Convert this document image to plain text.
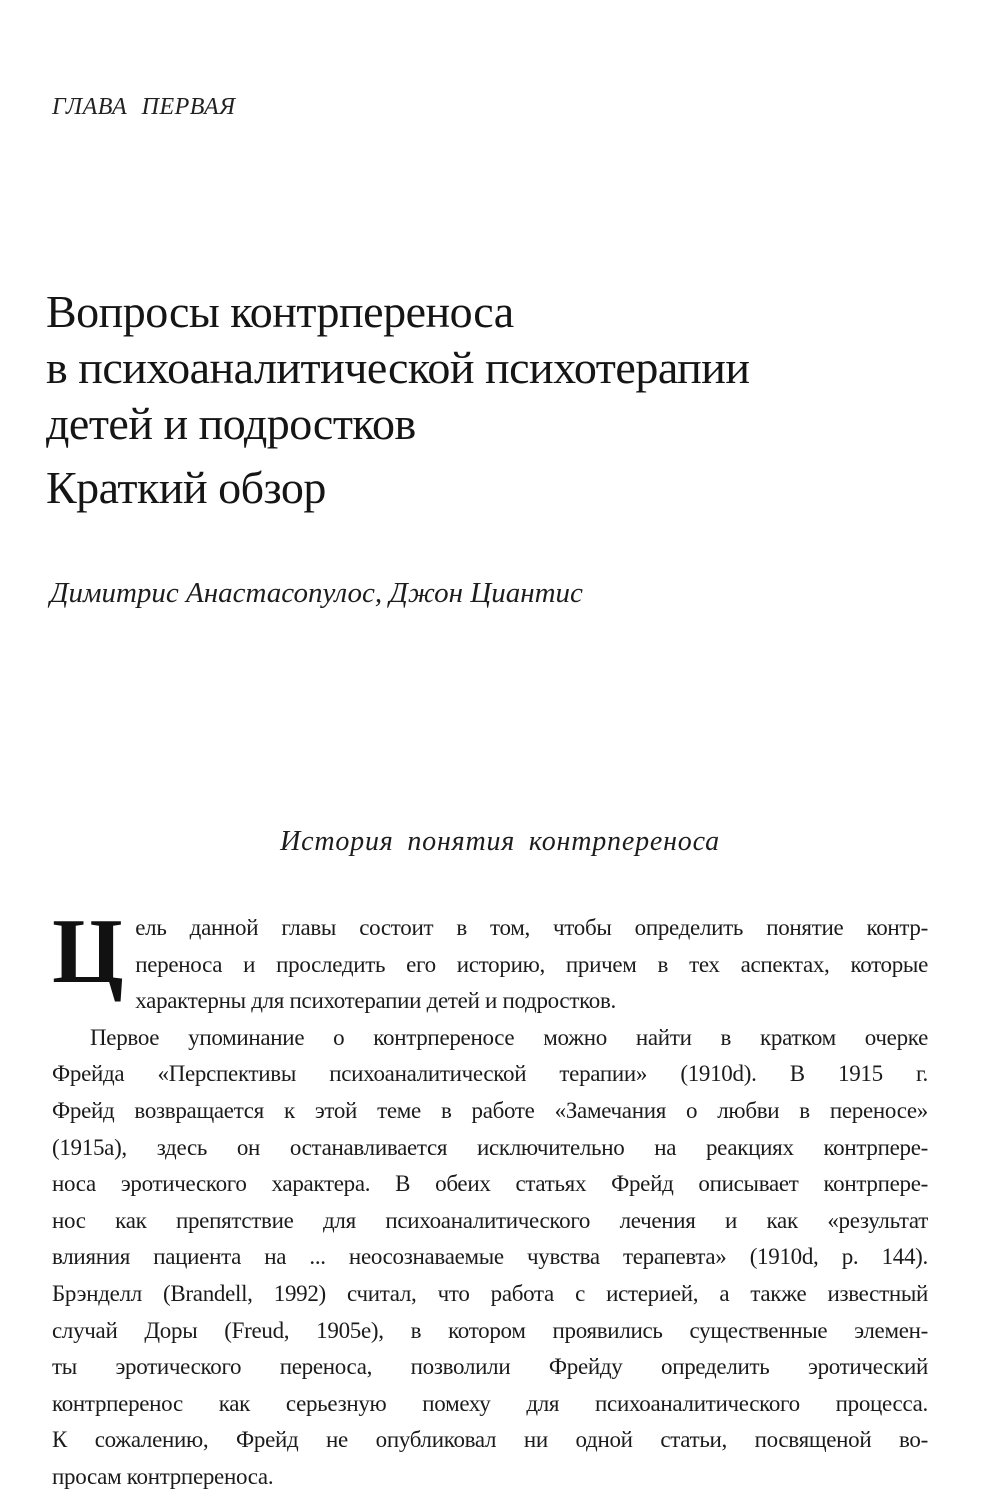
ГЛАВА ПЕРВАЯ
Вопросы контрпереноса
в психоаналитической психотерапии
детей и подростков
Краткий обзор
Димитрис Анастасопулос, Джон Циантис
История понятия контрпереноса

Ц ель данной главы состоит в том, чтобы определить понятие контр-
переноса и проследить его историю, причем в тех аспектах, которые
характерны для психотерапии детей и подростков.

Первое упоминание о контрпереносе можно найти в кратком очерке
Фрейда «Перспективы психоаналитической терапии» (1910d). В 1915 г.
Фрейд возвращается к этой теме в работе «Замечания о любви в переносе»
(1915a), здесь он останавливается исключительно на реакциях контрпере-
носа эротического характера. В обеих статьях Фрейд описывает контрпере-
нос как препятствие для психоаналитического лечения и как «результат
влияния пациента на ... неосознаваемые чувства терапевта» (1910d, p. 144).
Брэнделл (Brandell, 1992) считал, что работа с истерией, а также известный
случай Доры (Freud, 1905e), в котором проявились существенные элемен-
ты эротического переноса, позволили Фрейду определить эротический
контрперенос как серьезную помеху для психоаналитического процесса.
К сожалению, Фрейд не опубликовал ни одной статьи, посвященой во-
просам контрпереноса.
